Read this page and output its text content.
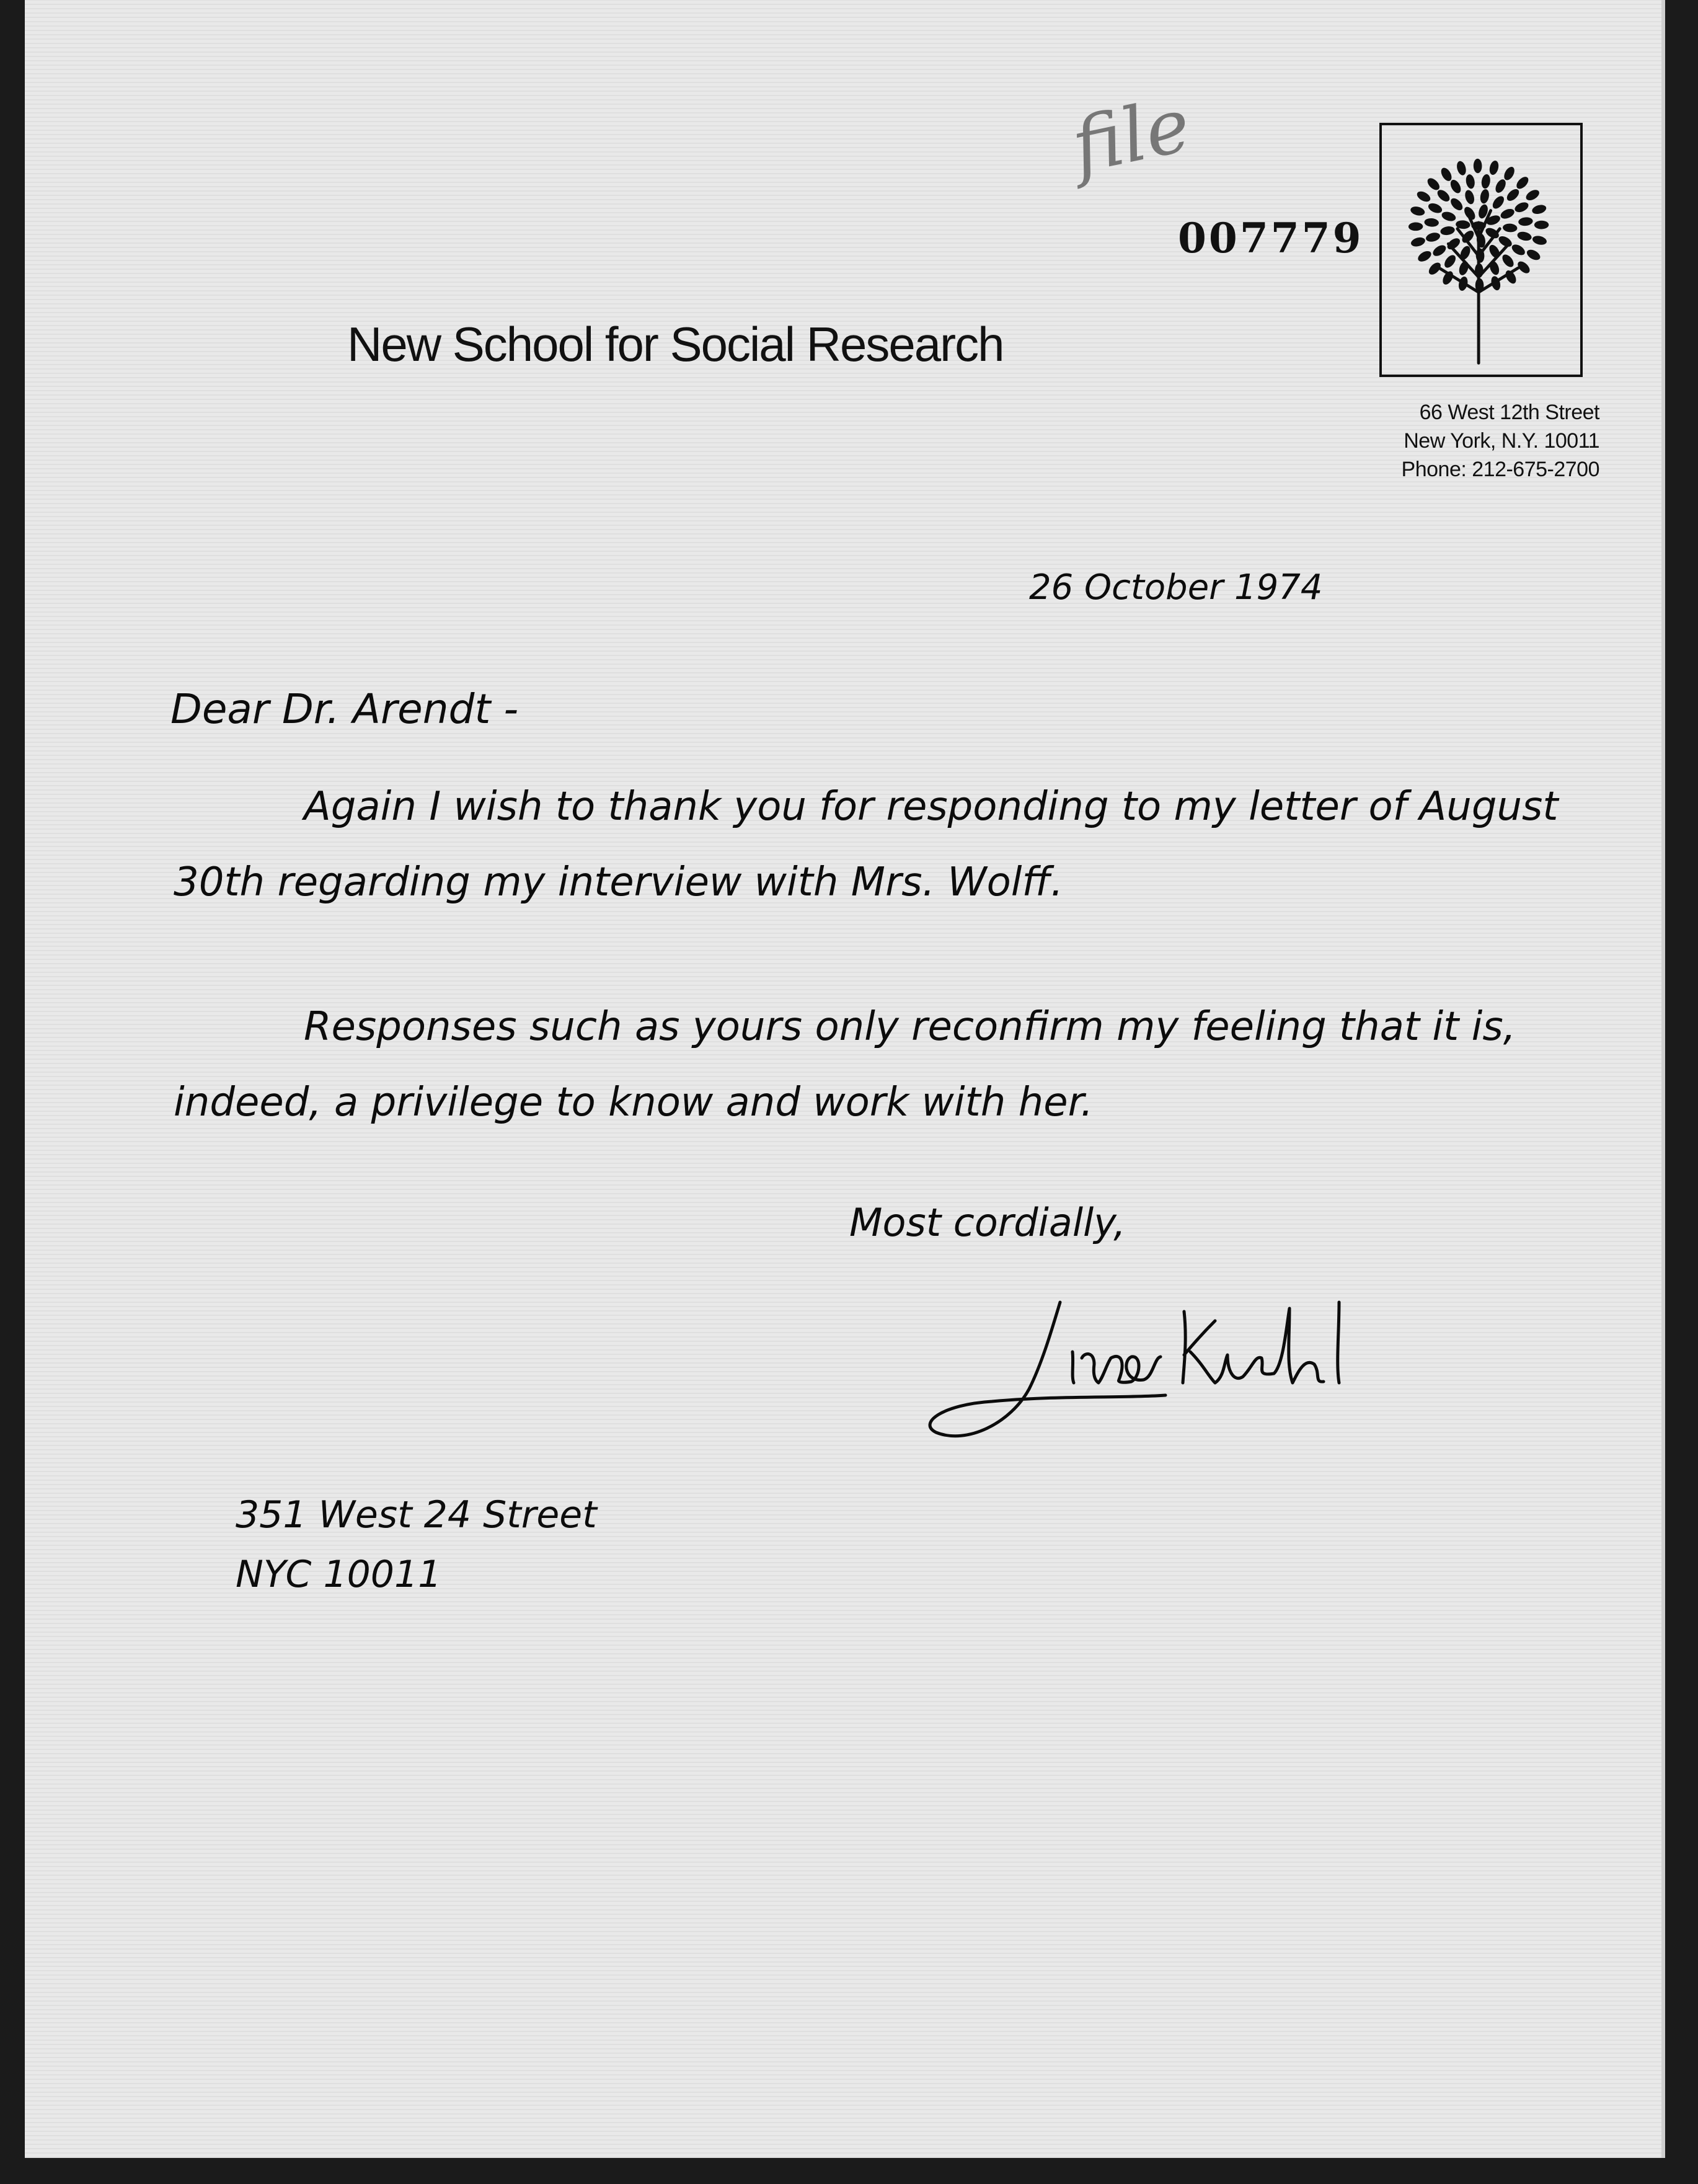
file
007779
New School for Social Research
66 West 12th Street
New York, N.Y. 10011
Phone: 212-675-2700
26 October 1974
Dear Dr. Arendt -
Again I wish to thank you for responding to my letter of August 30th regarding my interview with Mrs. Wolff.
Responses such as yours only reconfirm my feeling that it is, indeed, a privilege to know and work with her.
Most cordially,
351 West 24 Street
NYC 10011
